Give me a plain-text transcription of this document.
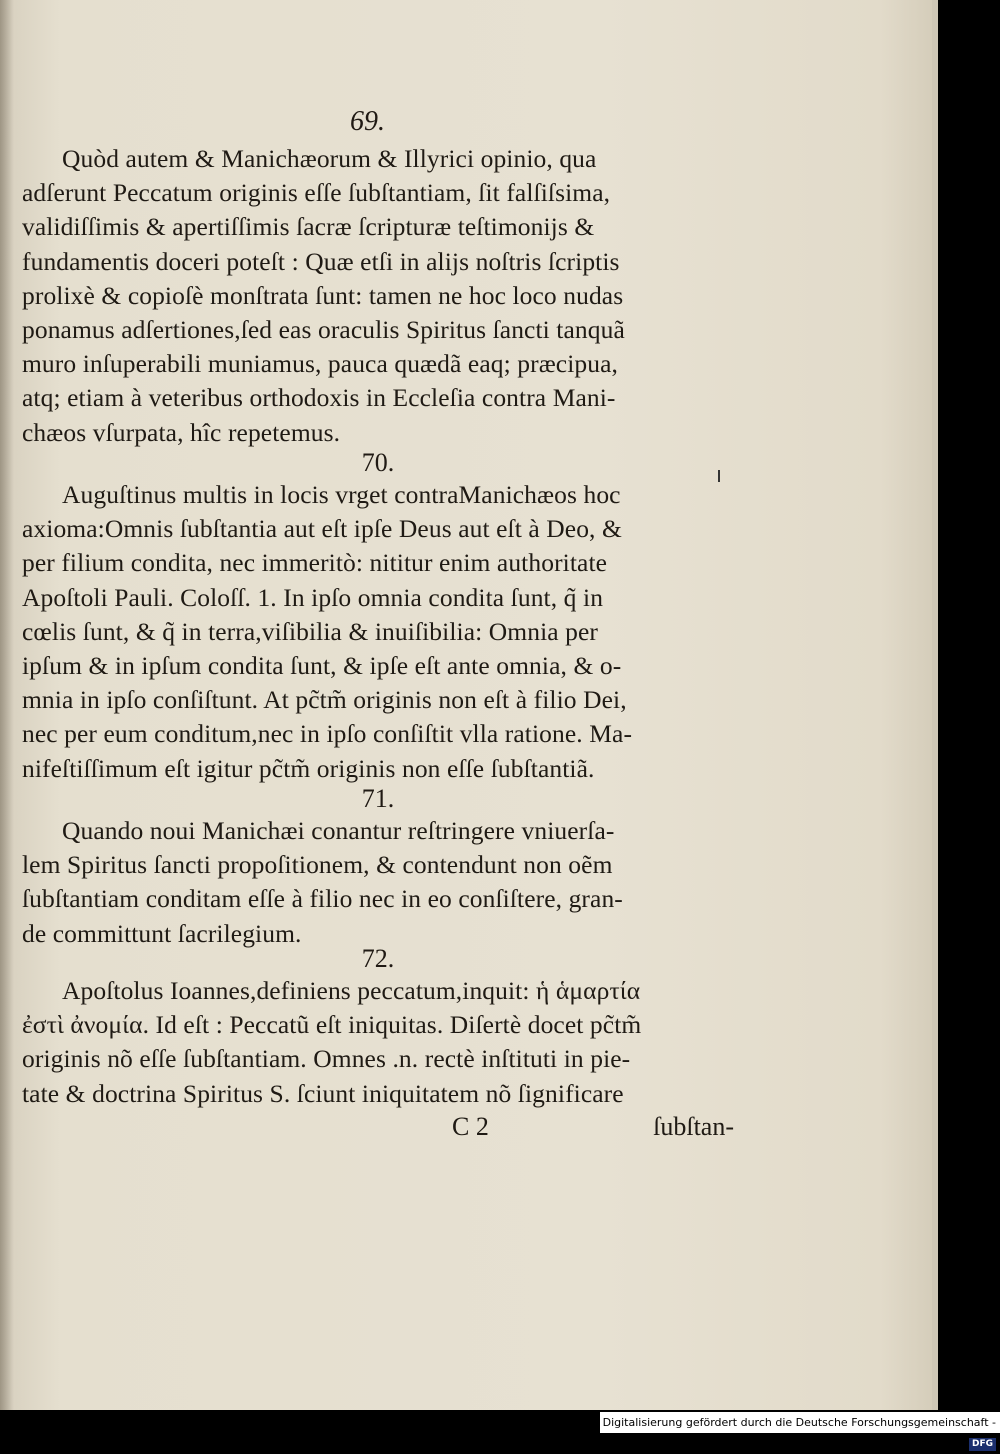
69.
Quòd autem & Manichæorum & Illyrici opinio, qua
adſerunt Peccatum originis eſſe ſubſtantiam, ſit falſiſsima,
validiſſimis & apertiſſimis ſacræ ſcripturæ teſtimonijs &
fundamentis doceri poteſt : Quæ etſi in alijs noſtris ſcriptis
prolixè & copioſè monſtrata ſunt: tamen ne hoc loco nudas
ponamus adſertiones,ſed eas oraculis Spiritus ſancti tanquã
muro inſuperabili muniamus, pauca quædã eaq; præcipua,
atq; etiam à veteribus orthodoxis in Eccleſia contra Mani-
chæos vſurpata, hîc repetemus.
70.
Auguſtinus multis in locis vrget contraManichæos hoc
axioma:Omnis ſubſtantia aut eſt ipſe Deus aut eſt à Deo, &
per filium condita, nec immeritò: nititur enim authoritate
Apoſtoli Pauli. Coloſſ. 1. In ipſo omnia condita ſunt, q̃ in
cœlis ſunt, & q̃ in terra,viſibilia & inuiſibilia: Omnia per
ipſum & in ipſum condita ſunt, & ipſe eſt ante omnia, & o-
mnia in ipſo conſiſtunt. At pc̃tm̃ originis non eſt à filio Dei,
nec per eum conditum,nec in ipſo conſiſtit vlla ratione. Ma-
nifeſtiſſimum eſt igitur pc̃tm̃ originis non eſſe ſubſtantiã.
71.
Quando noui Manichæi conantur reſtringere vniuerſa-
lem Spiritus ſancti propoſitionem, & contendunt non oẽm
ſubſtantiam conditam eſſe à filio nec in eo conſiſtere, gran-
de committunt ſacrilegium.
72.
Apoſtolus Ioannes,definiens peccatum,inquit: ἡ ἁμαρτία
ἐστὶ ἀνομία. Id eſt : Peccatũ eſt iniquitas. Diſertè docet pc̃tm̃
originis nõ eſſe ſubſtantiam. Omnes .n. rectè inſtituti in pie-
tate & doctrina Spiritus S. ſciunt iniquitatem nõ ſignificare
C 2	ſubſtan-
Digitalisierung gefördert durch die Deutsche Forschungsgemeinschaft - DFG
